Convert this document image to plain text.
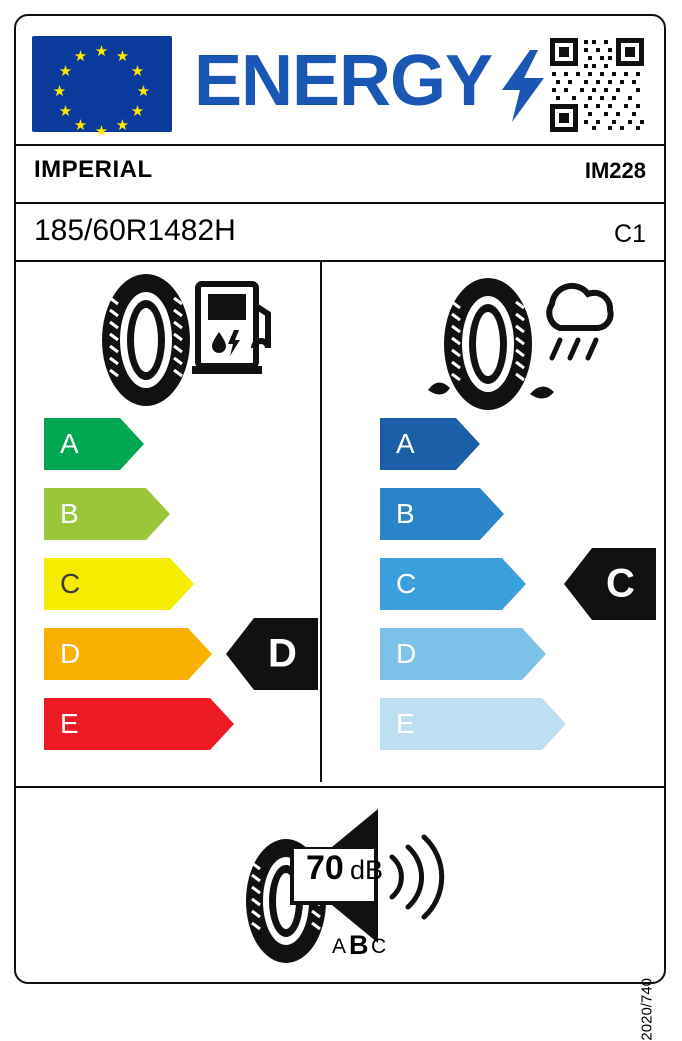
★ ★
★
★
★
★
★
★
★
★
★
★ ENERGY
IMPERIAL	IM228
185/60R1482H	C1
A
B
C
D
E
D
A
B
C
D
E
C
70 dB
A B C
2020/740
